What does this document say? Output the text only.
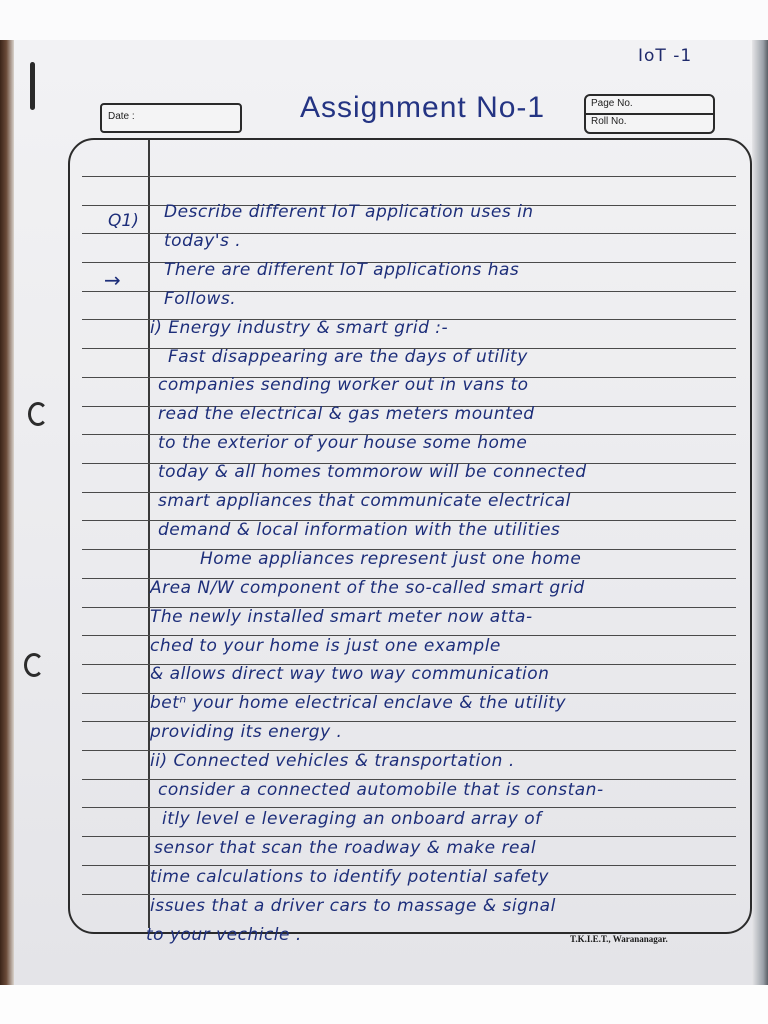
IoT -1
Date :	Assignment No-1	Page No.
Roll No.
Describe different IoT application uses in
today's .
There are different IoT applications has
Follows.
i) Energy industry & smart grid :-
Fast disappearing are the days of utility
companies sending worker out in vans to
read the electrical & gas meters mounted
to the exterior of your house some home
today & all homes tommorow will be connected
smart appliances that communicate electrical
demand & local information with the utilities
Home appliances represent just one home
Area N/W component of the so-called smart grid
The newly installed smart meter now atta-
ched to your home is just one example
& allows direct way two way communication
betⁿ your home electrical enclave & the utility
providing its energy .
ii) Connected vehicles & transportation .
consider a connected automobile that is constan-
itly level e leveraging an onboard array of
sensor that scan the roadway & make real
time calculations to identify potential safety
issues that a driver cars to massage & signal
to your vechicle .
Q1)
→
T.K.I.E.T., Warananagar.
